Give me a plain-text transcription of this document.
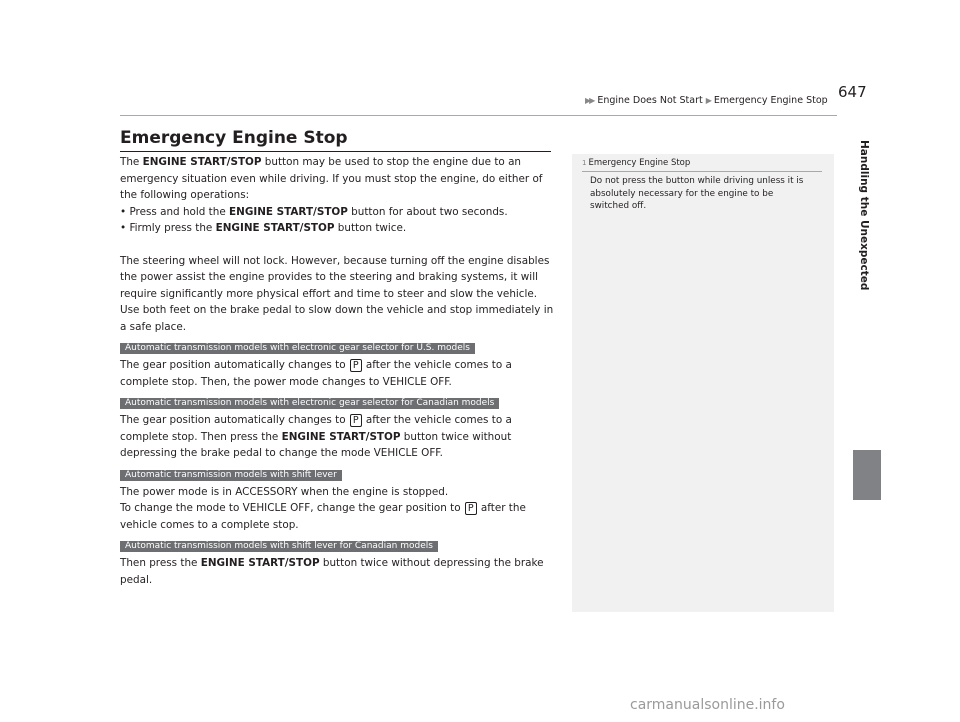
▶▶ Engine Does Not Start ▶ Emergency Engine Stop 647
Handling the Unexpected
Emergency Engine Stop

The ENGINE START/STOP button may be used to stop the engine due to an emergency situation even while driving. If you must stop the engine, do either of the following operations:

• Press and hold the ENGINE START/STOP button for about two seconds.

• Firmly press the ENGINE START/STOP button twice.

The steering wheel will not lock. However, because turning off the engine disables the power assist the engine provides to the steering and braking systems, it will require significantly more physical effort and time to steer and slow the vehicle. Use both feet on the brake pedal to slow down the vehicle and stop immediately in a safe place.

Automatic transmission models with electronic gear selector for U.S. models

The gear position automatically changes to P after the vehicle comes to a complete stop. Then, the power mode changes to VEHICLE OFF.

Automatic transmission models with electronic gear selector for Canadian models

The gear position automatically changes to P after the vehicle comes to a complete stop. Then press the ENGINE START/STOP button twice without depressing the brake pedal to change the mode VEHICLE OFF.

Automatic transmission models with shift lever

The power mode is in ACCESSORY when the engine is stopped.

To change the mode to VEHICLE OFF, change the gear position to P after the vehicle comes to a complete stop.

Automatic transmission models with shift lever for Canadian models

Then press the ENGINE START/STOP button twice without depressing the brake pedal.

1 Emergency Engine Stop
Do not press the button while driving unless it is absolutely necessary for the engine to be switched off.
carmanualsonline.info
